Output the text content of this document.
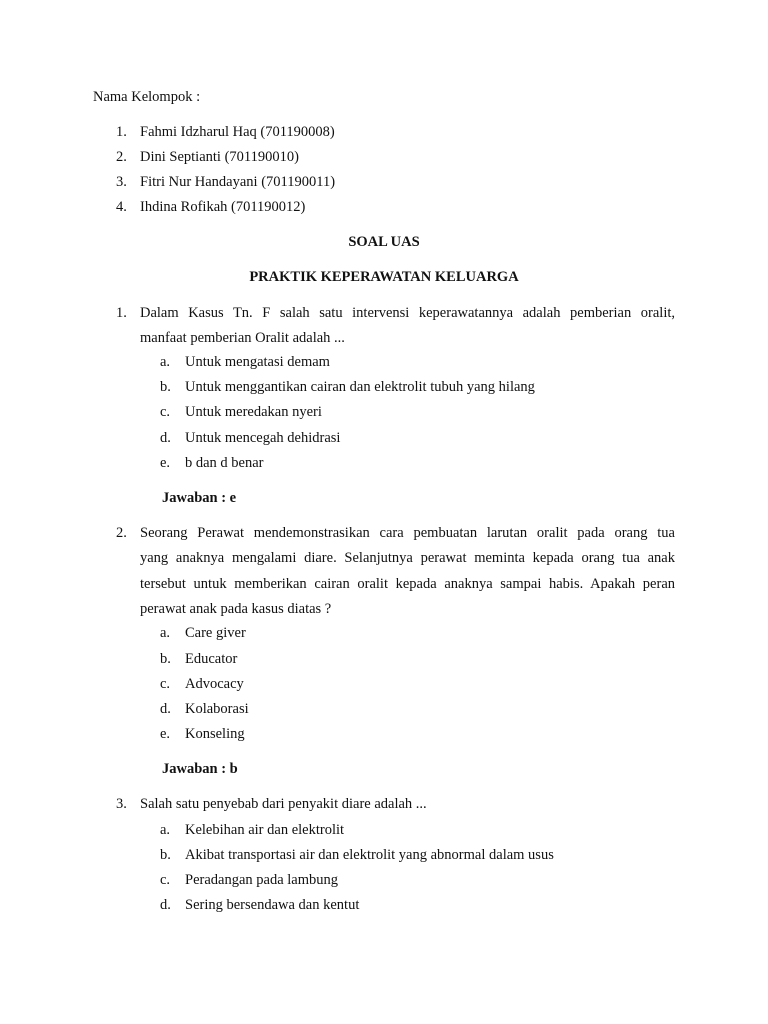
Nama Kelompok :
1. Fahmi Idzharul Haq (701190008)
2. Dini Septianti (701190010)
3. Fitri Nur Handayani (701190011)
4. Ihdina Rofikah (701190012)
SOAL UAS
PRAKTIK KEPERAWATAN KELUARGA
1. Dalam Kasus Tn. F salah satu intervensi keperawatannya adalah pemberian oralit,
manfaat pemberian Oralit adalah ...
a. Untuk mengatasi demam
b. Untuk menggantikan cairan dan elektrolit tubuh yang hilang
c. Untuk meredakan nyeri
d. Untuk mencegah dehidrasi
e. b dan d benar
Jawaban : e
2. Seorang Perawat mendemonstrasikan cara pembuatan larutan oralit pada orang tua
yang anaknya mengalami diare. Selanjutnya perawat meminta kepada orang tua anak
tersebut untuk memberikan cairan oralit kepada anaknya sampai habis. Apakah peran
perawat anak pada kasus diatas ?
a. Care giver
b. Educator
c. Advocacy
d. Kolaborasi
e. Konseling
Jawaban : b
3. Salah satu penyebab dari penyakit diare adalah ...
a. Kelebihan air dan elektrolit
b. Akibat transportasi air dan elektrolit yang abnormal dalam usus
c. Peradangan pada lambung
d. Sering bersendawa dan kentut
